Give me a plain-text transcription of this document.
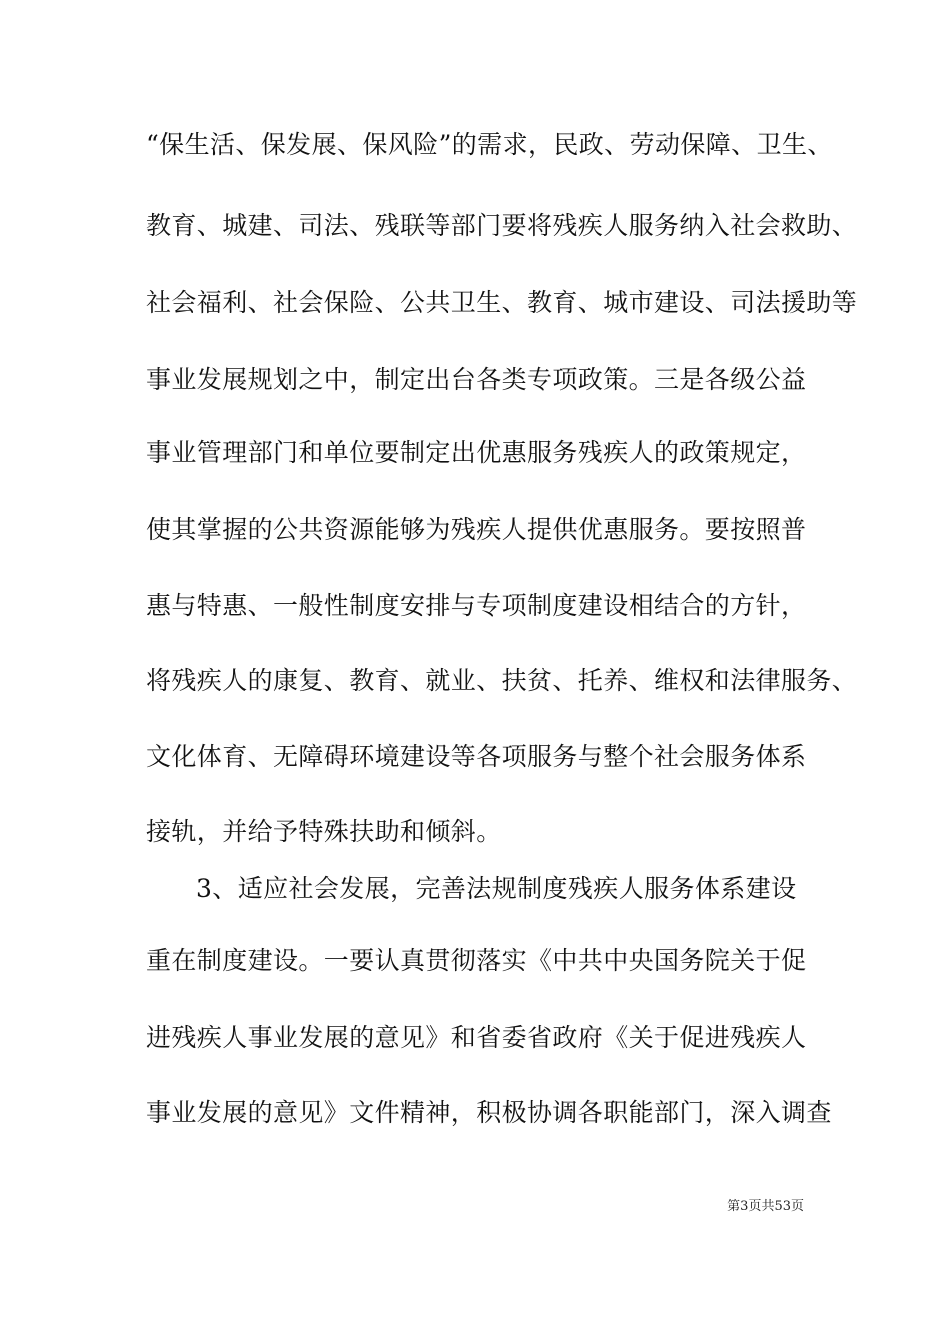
“保生活、保发展、保风险”的需求，民政、劳动保障、卫生、
教育、城建、司法、残联等部门要将残疾人服务纳入社会救助、
社会福利、社会保险、公共卫生、教育、城市建设、司法援助等
事业发展规划之中，制定出台各类专项政策。三是各级公益
事业管理部门和单位要制定出优惠服务残疾人的政策规定，
使其掌握的公共资源能够为残疾人提供优惠服务。要按照普
惠与特惠、一般性制度安排与专项制度建设相结合的方针，
将残疾人的康复、教育、就业、扶贫、托养、维权和法律服务、
文化体育、无障碍环境建设等各项服务与整个社会服务体系
接轨，并给予特殊扶助和倾斜。
3、适应社会发展，完善法规制度残疾人服务体系建设
重在制度建设。一要认真贯彻落实《中共中央国务院关于促
进残疾人事业发展的意见》和省委省政府《关于促进残疾人
事业发展的意见》文件精神，积极协调各职能部门，深入调查
第3页共53页
